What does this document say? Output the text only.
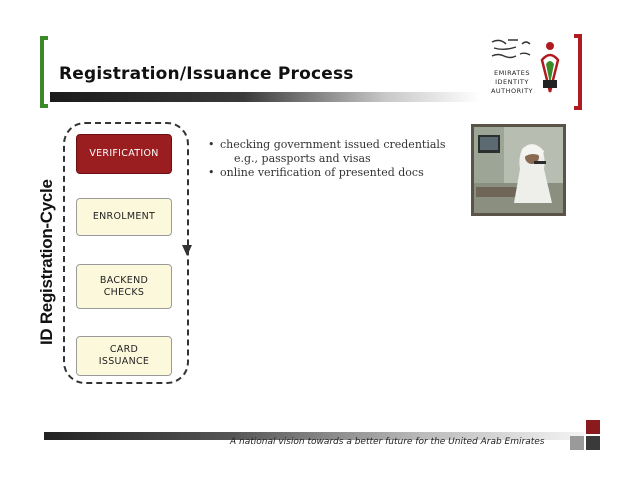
Registration/Issuance Process	EMIRATES
IDENTITY
AUTHORITY
ID Registration-Cycle
VERIFICATION
ENROLMENT
BACKEND CHECKS
CARD ISSUANCE
• checking government issued credentials
e.g., passports and visas
• online verification of presented docs
A national vision towards a better future for the United Arab Emirates
